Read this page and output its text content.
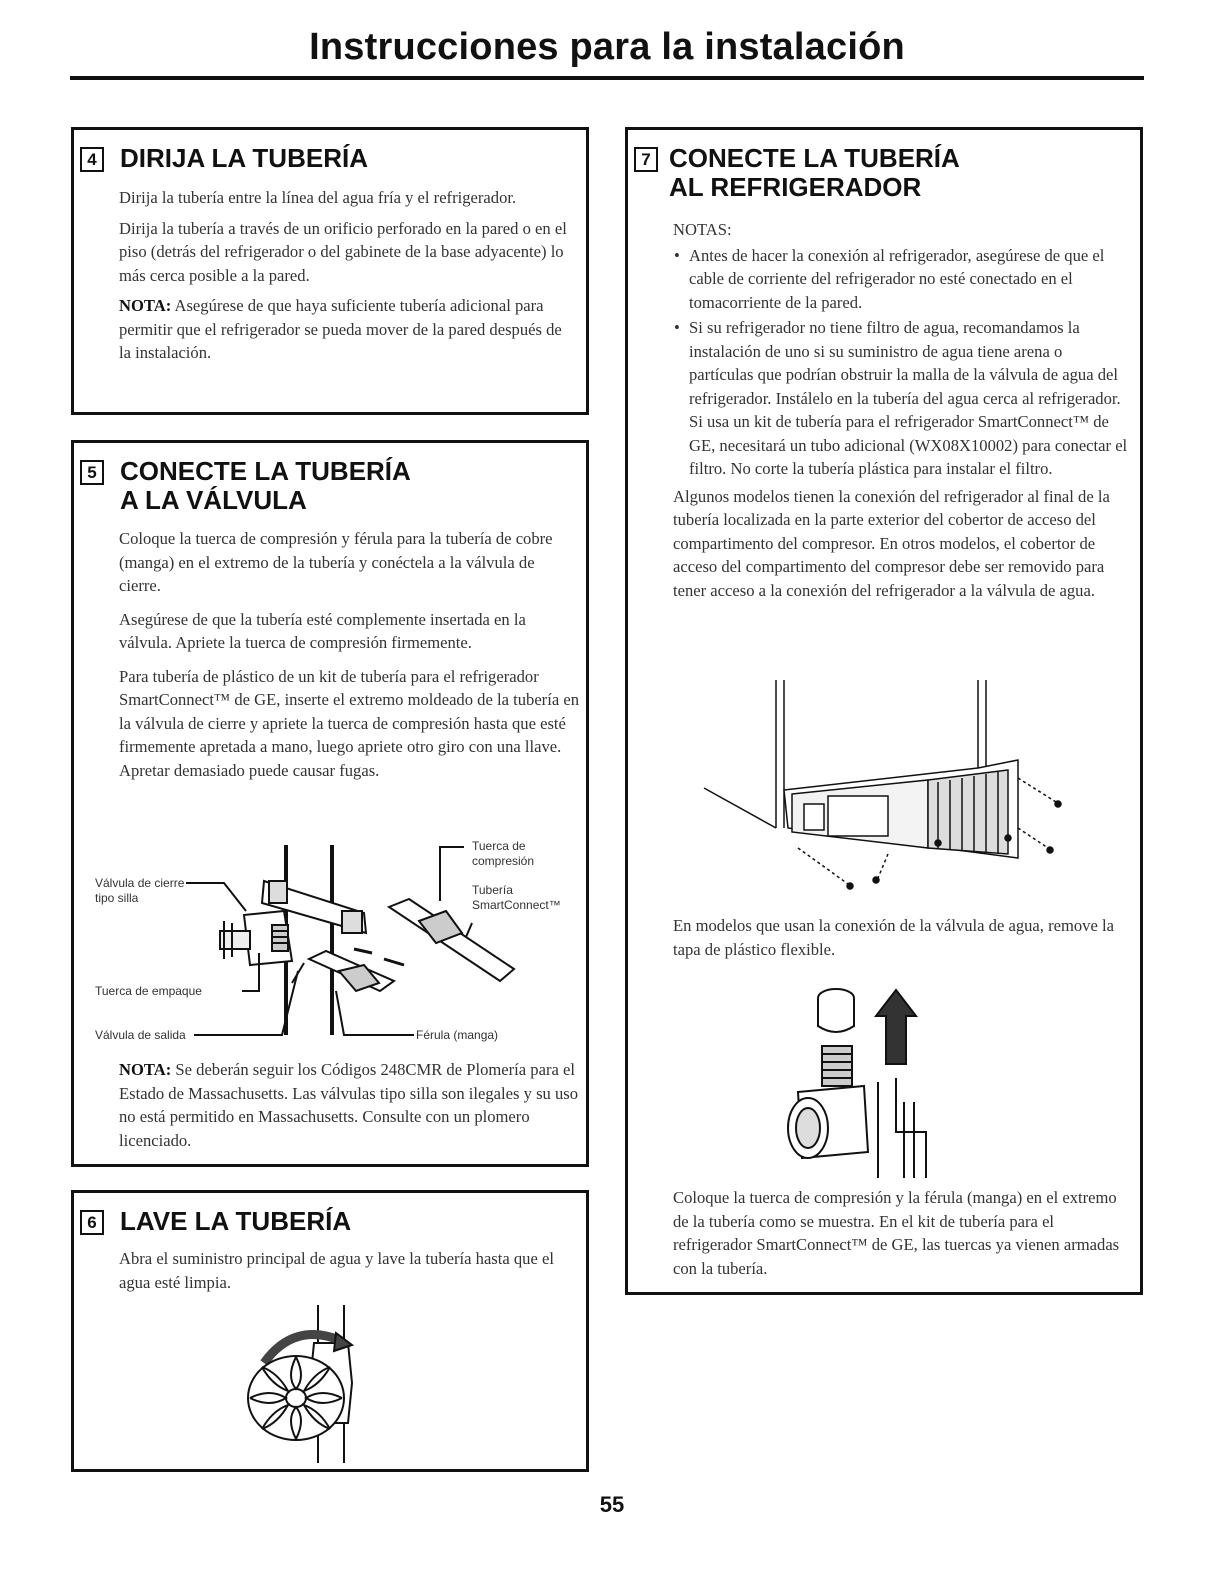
Instrucciones para la instalación
4 DIRIJA LA TUBERÍA

Dirija la tubería entre la línea del agua fría y el refrigerador.

Dirija la tubería a través de un orificio perforado en la pared o en el piso (detrás del refrigerador o del gabinete de la base adyacente) lo más cerca posible a la pared.

NOTA: Asegúrese de que haya suficiente tubería adicional para permitir que el refrigerador se pueda mover de la pared después de la instalación.

5 CONECTE LA TUBERÍA
A LA VÁLVULA

Coloque la tuerca de compresión y férula para la tubería de cobre (manga) en el extremo de la tubería y conéctela a la válvula de cierre.

Asegúrese de que la tubería esté complemente insertada en la válvula. Apriete la tuerca de compresión firmemente.

Para tubería de plástico de un kit de tubería para el refrigerador SmartConnect™ de GE, inserte el extremo moldeado de la tubería en la válvula de cierre y apriete la tuerca de compresión hasta que esté firmemente apretada a mano, luego apriete otro giro con una llave. Apretar demasiado puede causar fugas.

Válvula de cierre
tipo silla
Tuerca de
compresión
Tubería
SmartConnect™
Tuerca de empaque
Válvula de salida	Férula (manga)

NOTA: Se deberán seguir los Códigos 248CMR de Plomería para el Estado de Massachusetts. Las válvulas tipo silla son ilegales y su uso no está permitido en Massachusetts. Consulte con un plomero licenciado.

6 LAVE LA TUBERÍA

Abra el suministro principal de agua y lave la tubería hasta que el agua esté limpia.

7 CONECTE LA TUBERÍA
AL REFRIGERADOR

NOTAS:

• Antes de hacer la conexión al refrigerador, asegúrese de que el cable de corriente del refrigerador no esté conectado en el tomacorriente de la pared.
• Si su refrigerador no tiene filtro de agua, recomandamos la instalación de uno si su suministro de agua tiene arena o partículas que podrían obstruir la malla de la válvula de agua del refrigerador. Instálelo en la tubería del agua cerca al refrigerador. Si usa un kit de tubería para el refrigerador SmartConnect™ de GE, necesitará un tubo adicional (WX08X10002) para conectar el filtro. No corte la tubería plástica para instalar el filtro.

Algunos modelos tienen la conexión del refrigerador al final de la tubería localizada en la parte exterior del cobertor de acceso del compartimento del compresor. En otros modelos, el cobertor de acceso del compartimento del compresor debe ser removido para tener acceso a la conexión del refrigerador a la válvula de agua.

En modelos que usan la conexión de la válvula de agua, remove la tapa de plástico flexible.

Coloque la tuerca de compresión y la férula (manga) en el extremo de la tubería como se muestra. En el kit de tubería para el refrigerador SmartConnect™ de GE, las tuercas ya vienen armadas con la tubería.

55
